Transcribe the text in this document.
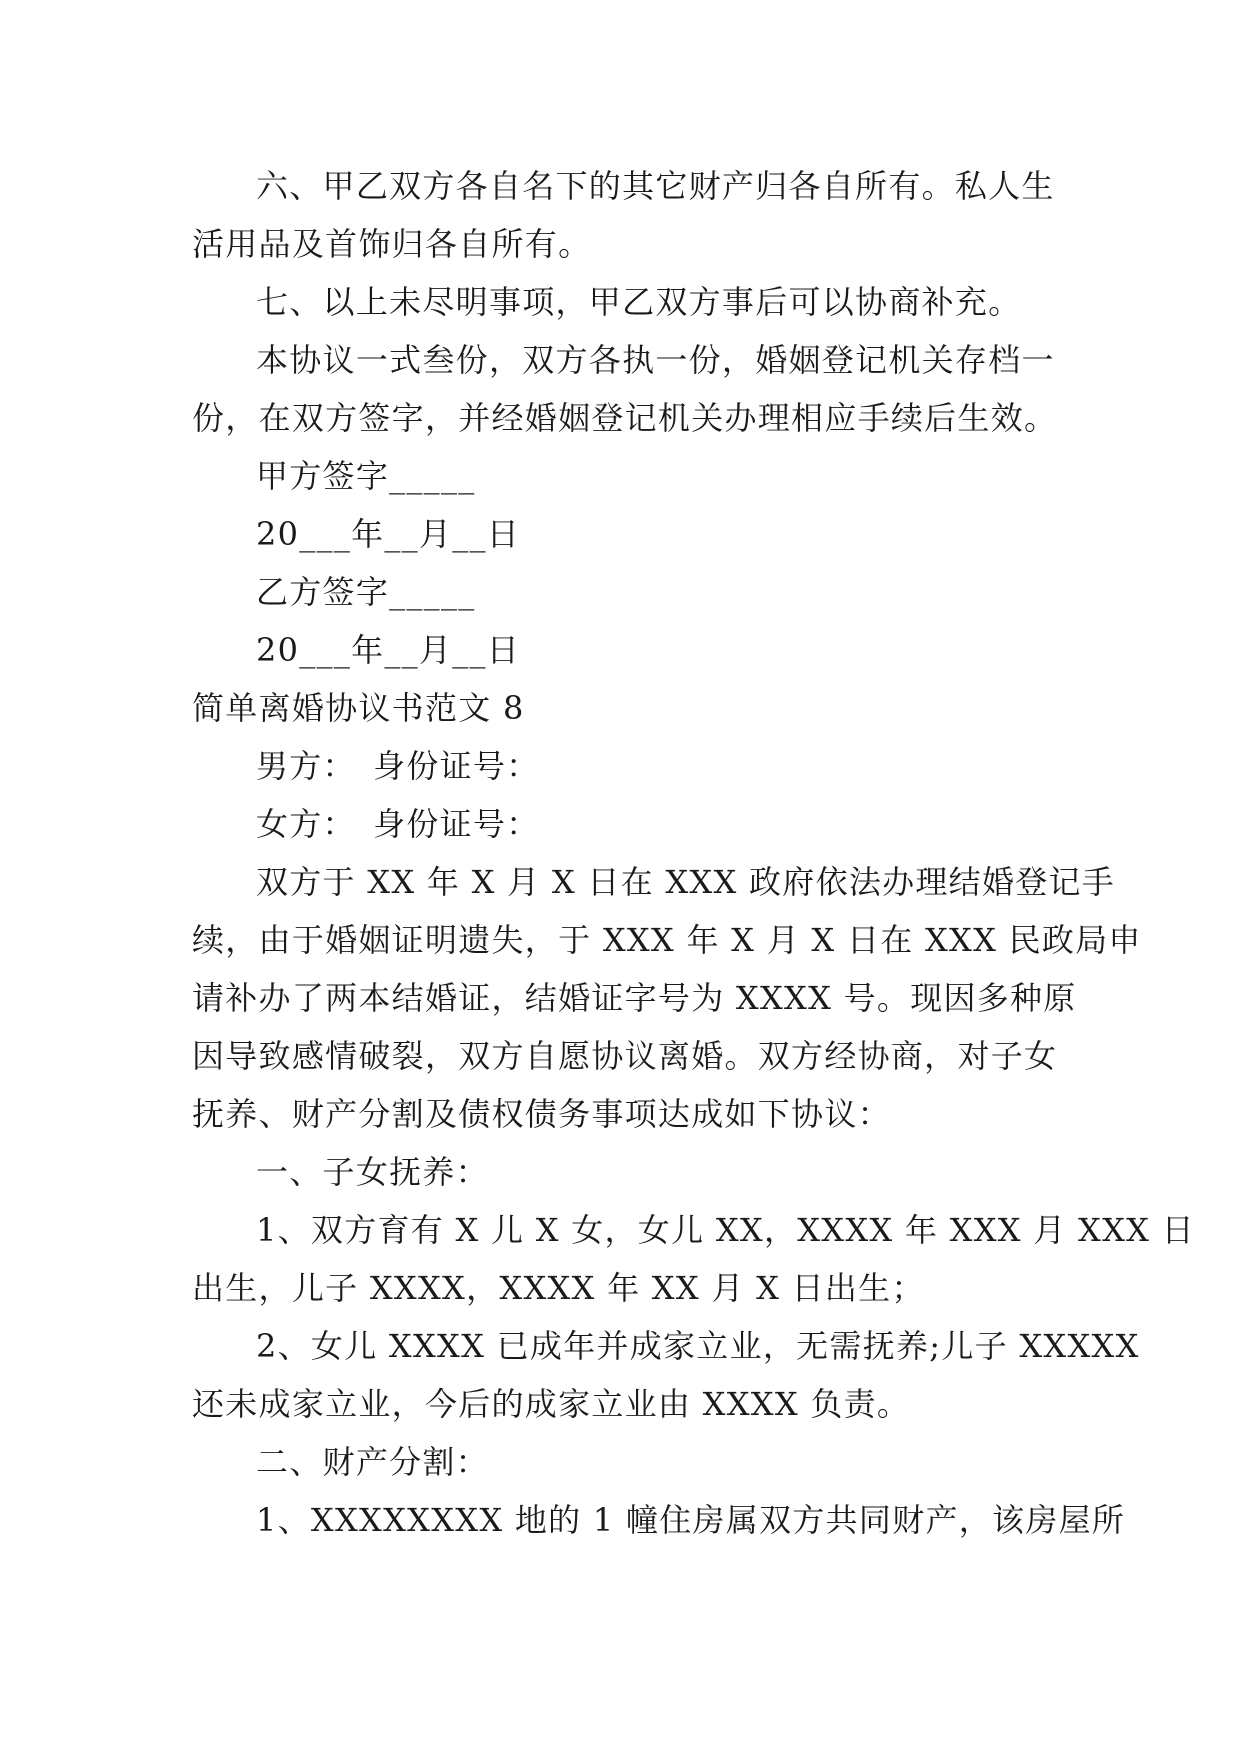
六、甲乙双方各自名下的其它财产归各自所有。私人生
活用品及首饰归各自所有。
七、以上未尽明事项，甲乙双方事后可以协商补充。
本协议一式叁份，双方各执一份，婚姻登记机关存档一
份，在双方签字，并经婚姻登记机关办理相应手续后生效。
甲方签字_____
20___年__月__日
乙方签字_____
20___年__月__日
简单离婚协议书范文 8
男方：　身份证号：
女方：　身份证号：
双方于 XX 年 X 月 X 日在 XXX 政府依法办理结婚登记手
续，由于婚姻证明遗失，于 XXX 年 X 月 X 日在 XXX 民政局申
请补办了两本结婚证，结婚证字号为 XXXX 号。现因多种原
因导致感情破裂，双方自愿协议离婚。双方经协商，对子女
抚养、财产分割及债权债务事项达成如下协议：
一、子女抚养：
1、双方育有 X 儿 X 女，女儿 XX，XXXX 年 XXX 月 XXX 日
出生，儿子 XXXX，XXXX 年 XX 月 X 日出生；
2、女儿 XXXX 已成年并成家立业，无需抚养;儿子 XXXXX
还未成家立业，今后的成家立业由 XXXX 负责。
二、财产分割：
1、XXXXXXXX 地的 1 幢住房属双方共同财产，该房屋所
